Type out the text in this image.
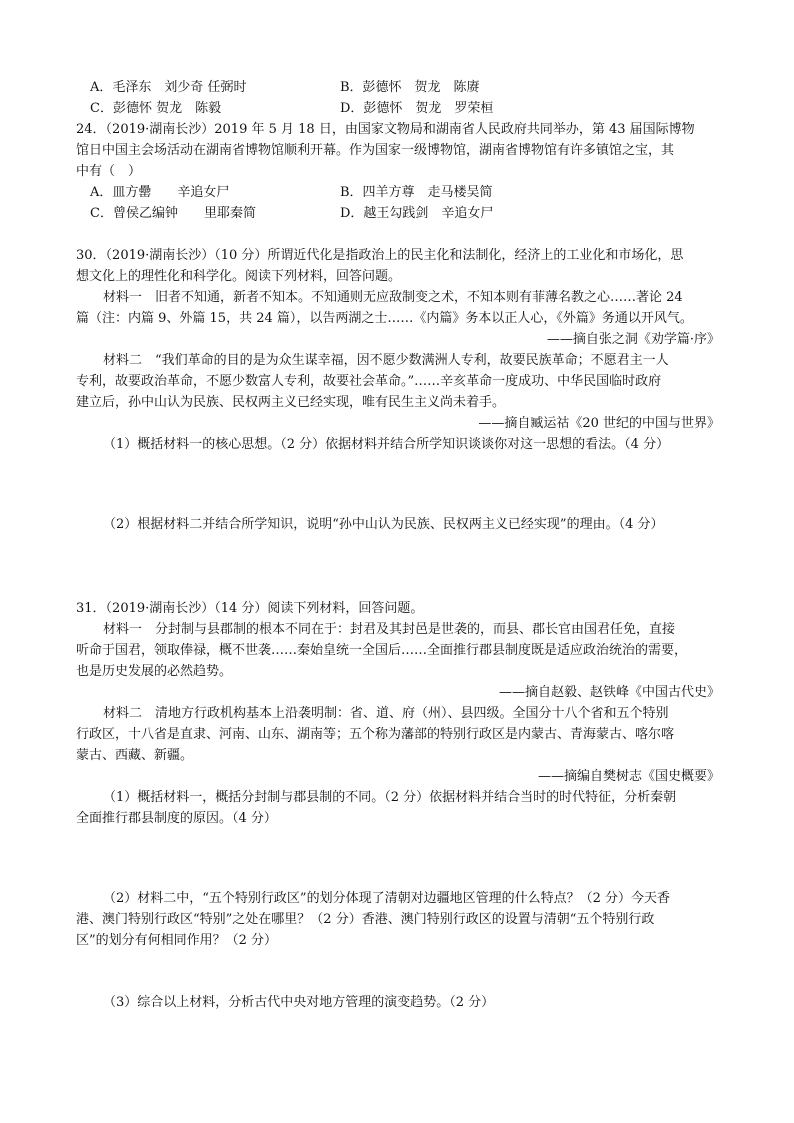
A．毛泽东　刘少奇 任弼时	B．彭德怀　贺龙　陈赓
C．彭德怀 贺龙　陈毅	D．彭德怀　贺龙　罗荣桓
24．（2019·湖南长沙）2019 年 5 月 18 日，由国家文物局和湖南省人民政府共同举办，第 43 届国际博物
馆日中国主会场活动在湖南省博物馆顺利开幕。作为国家一级博物馆，湖南省博物馆有许多镇馆之宝，其
中有（　）
A．皿方罍　　辛追女尸	B．四羊方尊　走马楼吴简
C．曾侯乙编钟　　里耶秦简	D．越王勾践剑　辛追女尸
30．（2019·湖南长沙）（10 分）所谓近代化是指政治上的民主化和法制化，经济上的工业化和市场化，思
想文化上的理性化和科学化。阅读下列材料，回答问题。
材料一　旧者不知通，新者不知本。不知通则无应敌制变之术，不知本则有菲薄名教之心……著论 24
篇（注：内篇 9、外篇 15，共 24 篇），以告两湖之士……《内篇》务本以正人心，《外篇》务通以开风气。
——摘自张之洞《劝学篇·序》
材料二　“我们革命的目的是为众生谋幸福，因不愿少数满洲人专利，故要民族革命；不愿君主一人
专利，故要政治革命，不愿少数富人专利，故要社会革命。”……辛亥革命一度成功、中华民国临时政府
建立后，孙中山认为民族、民权两主义已经实现，唯有民生主义尚未着手。
——摘自臧运祜《20 世纪的中国与世界》
（1）概括材料一的核心思想。（2 分）依据材料并结合所学知识谈谈你对这一思想的看法。（4 分）
（2）根据材料二并结合所学知识，说明“孙中山认为民族、民权两主义已经实现”的理由。（4 分）
31．（2019·湖南长沙）（14 分）阅读下列材料，回答问题。
材料一　分封制与县郡制的根本不同在于：封君及其封邑是世袭的，而县、郡长官由国君任免，直接
听命于国君，领取俸禄，概不世袭……秦始皇统一全国后……全面推行郡县制度既是适应政治统治的需要，
也是历史发展的必然趋势。
——摘自赵毅、赵铁峰《中国古代史》
材料二　清地方行政机构基本上沿袭明制：省、道、府（州）、县四级。全国分十八个省和五个特别
行政区，十八省是直隶、河南、山东、湖南等；五个称为藩部的特别行政区是内蒙古、青海蒙古、喀尔喀
蒙古、西藏、新疆。
——摘编自樊树志《国史概要》
（1）概括材料一，概括分封制与郡县制的不同。（2 分）依据材料并结合当时的时代特征，分析秦朝
全面推行郡县制度的原因。（4 分）
（2）材料二中，“五个特别行政区”的划分体现了清朝对边疆地区管理的什么特点？（2 分）今天香
港、澳门特别行政区“特别”之处在哪里？（2 分）香港、澳门特别行政区的设置与清朝“五个特别行政
区”的划分有何相同作用？（2 分）
（3）综合以上材料，分析古代中央对地方管理的演变趋势。（2 分）
